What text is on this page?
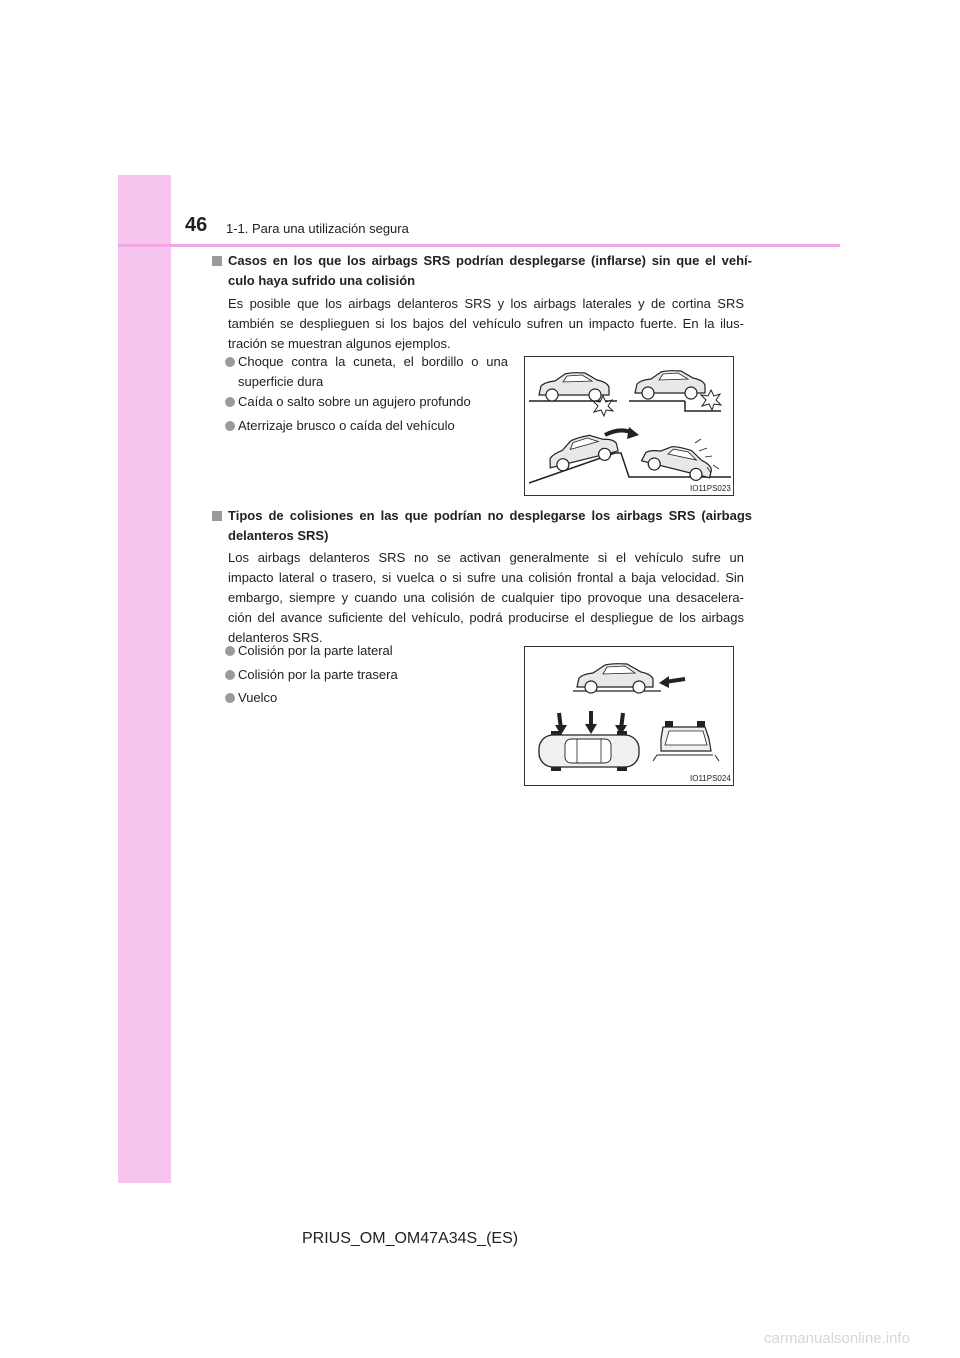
46 1-1. Para una utilización segura
Casos en los que los airbags SRS podrían desplegarse (inflarse) sin que el vehí-
culo haya sufrido una colisión
Es posible que los airbags delanteros SRS y los airbags laterales y de cortina SRS
también se desplieguen si los bajos del vehículo sufren un impacto fuerte. En la ilus-
tración se muestran algunos ejemplos.
Choque contra la cuneta, el bordillo o una
superficie dura
Caída o salto sobre un agujero profundo
Aterrizaje brusco o caída del vehículo
IO11PS023
Tipos de colisiones en las que podrían no desplegarse los airbags SRS (airbags
delanteros SRS)
Los airbags delanteros SRS no se activan generalmente si el vehículo sufre un
impacto lateral o trasero, si vuelca o si sufre una colisión frontal a baja velocidad. Sin
embargo, siempre y cuando una colisión de cualquier tipo provoque una desacelera-
ción del avance suficiente del vehículo, podrá producirse el despliegue de los airbags
delanteros SRS.
Colisión por la parte lateral
Colisión por la parte trasera
Vuelco
IO11PS024
PRIUS_OM_OM47A34S_(ES)
carmanualsonline.info
